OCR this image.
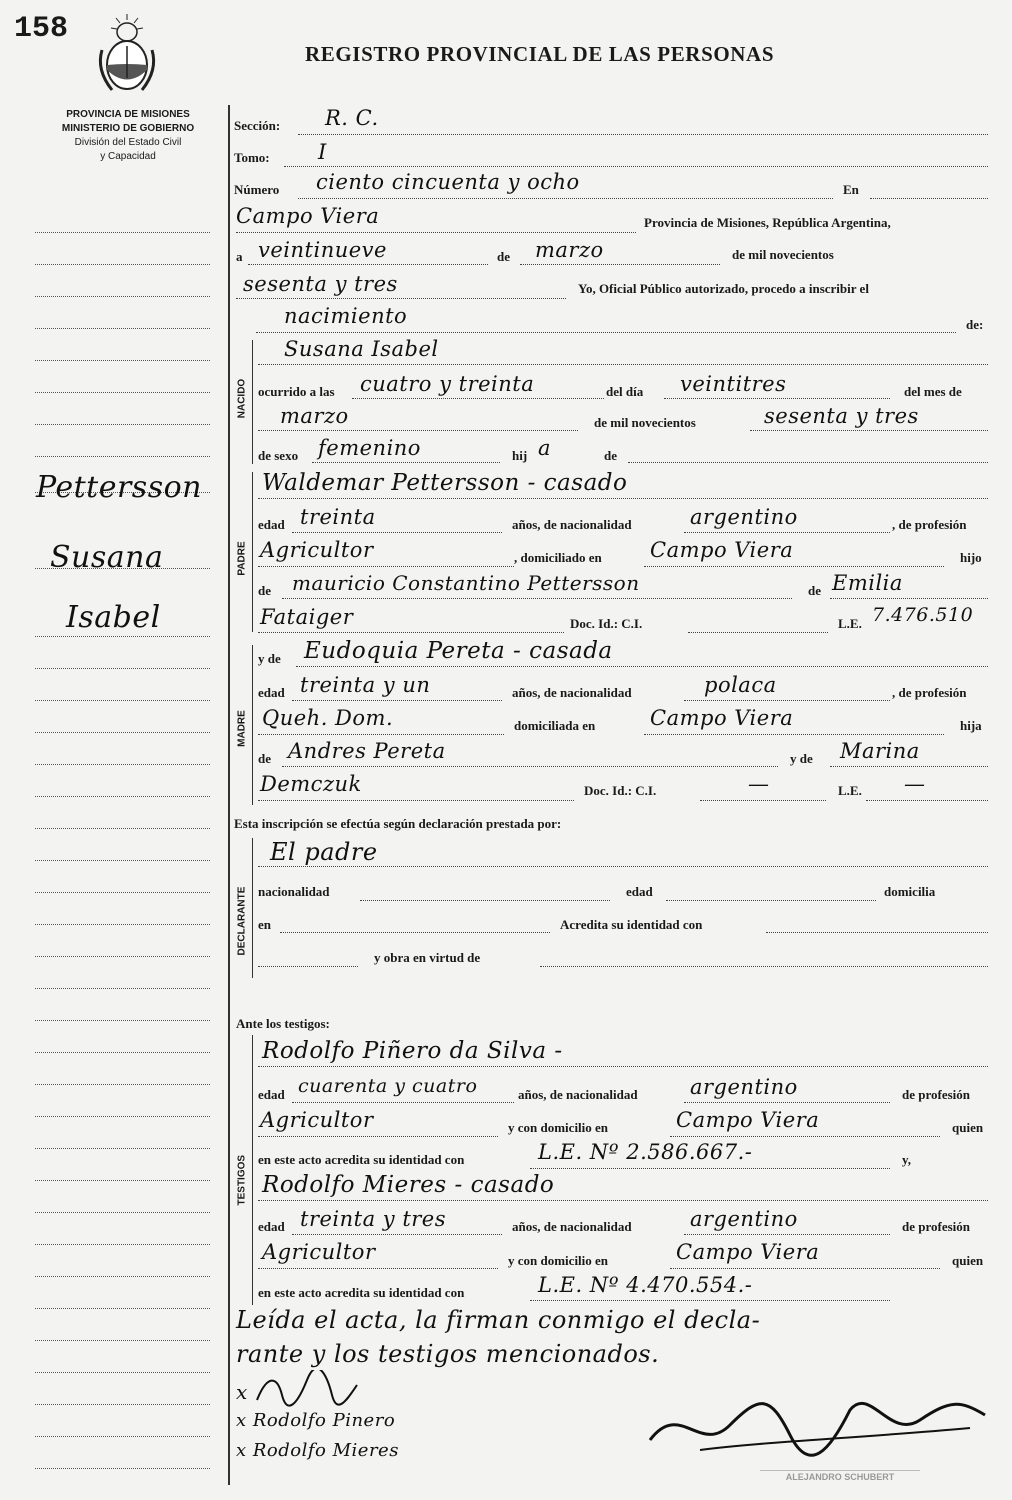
158
REGISTRO PROVINCIAL DE LAS PERSONAS
PROVINCIA DE MISIONES
MINISTERIO DE GOBIERNO
División del Estado Civil
y Capacidad
Pettersson
Susana
Isabel
NACIDO
PADRE
MADRE
DECLARANTE
TESTIGOS
Sección: R. C.
Tomo: I
Número ciento cincuenta y ocho	En
Campo Viera	Provincia de Misiones, República Argentina,
a veintinueve	de marzo	de mil novecientos
sesenta y tres	Yo, Oficial Público autorizado, procedo a inscribir el
nacimiento	de:
Susana Isabel
ocurrido a las cuatro y treinta	del día veintitres	del mes de
marzo	de mil novecientos	sesenta y tres
de sexo femenino	hij a	de
Waldemar Pettersson - casado
edad treinta	años, de nacionalidad	argentino	, de profesión
Agricultor	, domiciliado en Campo Viera	hijo
de mauricio Constantino Pettersson	de Emilia
Fataiger	Doc. Id.: C.I.	L.E. 7.476.510
y de Eudoquia Pereta - casada
edad treinta y un	años, de nacionalidad	polaca	, de profesión
Queh. Dom.	domiciliada en	Campo Viera	hija
de Andres Pereta	y de Marina
Demczuk	Doc. Id.: C.I.	—	L.E. —
Esta inscripción se efectúa según declaración prestada por:
El padre
nacionalidad	edad	domicilia
en	Acredita su identidad con
y obra en virtud de
Ante los testigos:
Rodolfo Piñero da Silva -
edad cuarenta y cuatro	años, de nacionalidad argentino	de profesión
Agricultor	y con domicilio en	Campo Viera	quien
en este acto acredita su identidad con	L.E. Nº 2.586.667.-	y,
Rodolfo Mieres - casado
edad treinta y tres	años, de nacionalidad	argentino	de profesión
Agricultor	y con domicilio en	Campo Viera	quien
en este acto acredita su identidad con	L.E. Nº 4.470.554.-
Leída el acta, la firman conmigo el decla-
rante y los testigos mencionados.
x
x Rodolfo Pinero
x Rodolfo Mieres
ALEJANDRO SCHUBERT
